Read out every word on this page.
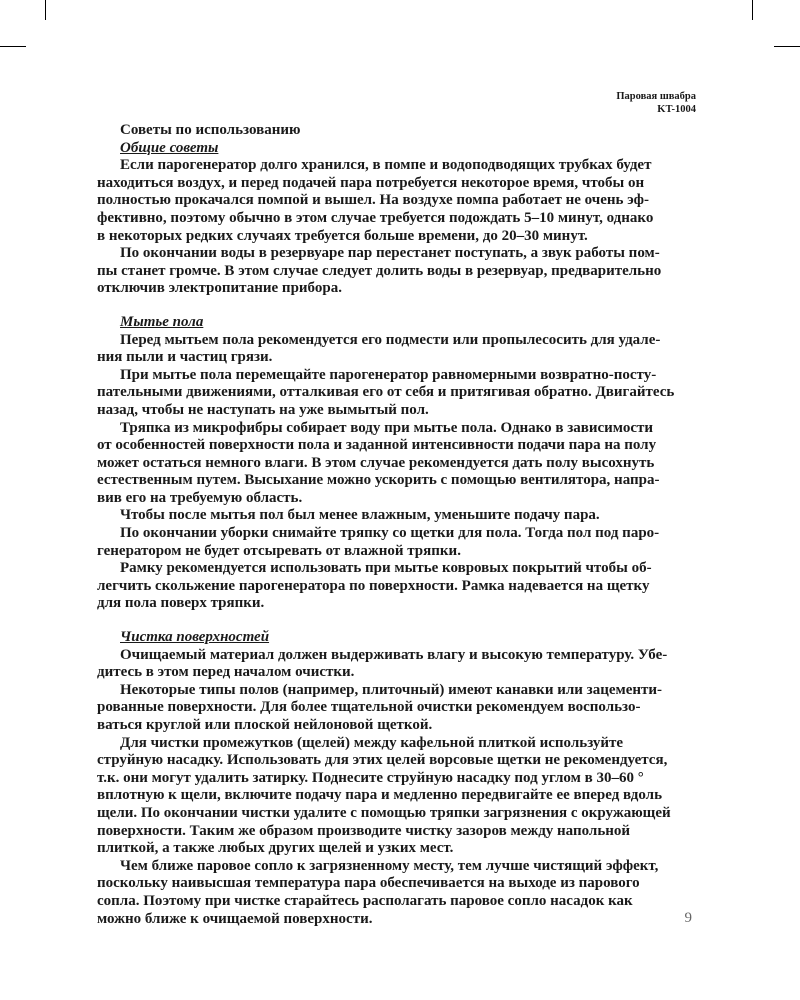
Паровая швабра
KT-1004
Советы по использованию
Общие советы
Если парогенератор долго хранился, в помпе и водоподводящих трубках будет
находиться воздух, и перед подачей пара потребуется некоторое время, чтобы он
полностью прокачался помпой и вышел. На воздухе помпа работает не очень эф-
фективно, поэтому обычно в этом случае требуется подождать 5–10 минут, однако
в некоторых редких случаях требуется больше времени, до 20–30 минут.
По окончании воды в резервуаре пар перестанет поступать, а звук работы пом-
пы станет громче. В этом случае следует долить воды в резервуар, предварительно
отключив электропитание прибора.
Мытье пола
Перед мытьем пола рекомендуется его подмести или пропылесосить для удале-
ния пыли и частиц грязи.
При мытье пола перемещайте парогенератор равномерными возвратно-посту-
пательными движениями, отталкивая его от себя и притягивая обратно. Двигайтесь
назад, чтобы не наступать на уже вымытый пол.
Тряпка из микрофибры собирает воду при мытье пола. Однако в зависимости
от особенностей поверхности пола и заданной интенсивности подачи пара на полу
может остаться немного влаги. В этом случае рекомендуется дать полу высохнуть
естественным путем. Высыхание можно ускорить с помощью вентилятора, напра-
вив его на требуемую область.
Чтобы после мытья пол был менее влажным, уменьшите подачу пара.
По окончании уборки снимайте тряпку со щетки для пола. Тогда пол под паро-
генератором не будет отсыревать от влажной тряпки.
Рамку рекомендуется использовать при мытье ковровых покрытий чтобы об-
легчить скольжение парогенератора по поверхности. Рамка надевается на щетку
для пола поверх тряпки.
Чистка поверхностей
Очищаемый материал должен выдерживать влагу и высокую температуру. Убе-
дитесь в этом перед началом очистки.
Некоторые типы полов (например, плиточный) имеют канавки или зацементи-
рованные поверхности. Для более тщательной очистки рекомендуем воспользо-
ваться круглой или плоской нейлоновой щеткой.
Для чистки промежутков (щелей) между кафельной плиткой используйте
струйную насадку. Использовать для этих целей ворсовые щетки не рекомендуется,
т.к. они могут удалить затирку. Поднесите струйную насадку под углом в 30–60 °
вплотную к щели, включите подачу пара и медленно передвигайте ее вперед вдоль
щели. По окончании чистки удалите с помощью тряпки загрязнения с окружающей
поверхности. Таким же образом производите чистку зазоров между напольной
плиткой, а также любых других щелей и узких мест.
Чем ближе паровое сопло к загрязненному месту, тем лучше чистящий эффект,
поскольку наивысшая температура пара обеспечивается на выходе из парового
сопла. Поэтому при чистке старайтесь располагать паровое сопло насадок как
можно ближе к очищаемой поверхности.	9
